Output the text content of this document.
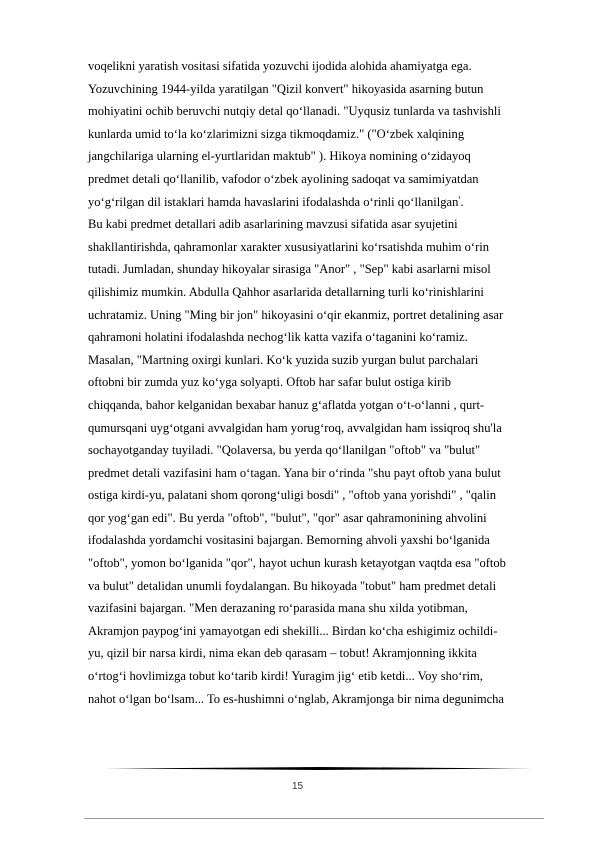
voqelikni yaratish vositasi sifatida yozuvchi ijodida alohida ahamiyatga ega.
Yozuvchining 1944-yilda yaratilgan "Qizil konvert" hikoyasida asarning butun
mohiyatini ochib beruvchi nutqiy detal qo‘llanadi. "Uyqusiz tunlarda va tashvishli
kunlarda umid to‘la ko‘zlarimizni sizga tikmoqdamiz." ("O‘zbek xalqining
jangchilariga ularning el-yurtlaridan maktub" ). Hikoya nomining o‘zidayoq
predmet detali qo‘llanilib, vafodor o‘zbek ayolining sadoqat va samimiyatdan
yo‘g‘rilgan dil istaklari hamda havaslarini ifodalashda o‘rinli qo‘llanilgan$^{^1}$.
Bu kabi predmet detallari adib asarlarining mavzusi sifatida asar syujetini
shakllantirishda, qahramonlar xarakter xususiyatlarini ko‘rsatishda muhim o‘rin
tutadi. Jumladan, shunday hikoyalar sirasiga "Anor" , "Sep" kabi asarlarni misol
qilishimiz mumkin. Abdulla Qahhor asarlarida detallarning turli ko‘rinishlarini
uchratamiz. Uning "Ming bir jon" hikoyasini o‘qir ekanmiz, portret detalining asar
qahramoni holatini ifodalashda nechog‘lik katta vazifa o‘taganini ko‘ramiz.
Masalan, "Martning oxirgi kunlari. Ko‘k yuzida suzib yurgan bulut parchalari
oftobni bir zumda yuz ko‘yga solyapti. Oftob har safar bulut ostiga kirib
chiqqanda, bahor kelganidan bexabar hanuz g‘aflatda yotgan o‘t-o‘lanni , qurt-
qumursqani uyg‘otgani avvalgidan ham yorug‘roq, avvalgidan ham issiqroq shu'la
sochayotganday tuyiladi. "Qolaversa, bu yerda qo‘llanilgan "oftob" va "bulut"
predmet detali vazifasini ham o‘tagan. Yana bir o‘rinda "shu payt oftob yana bulut
ostiga kirdi-yu, palatani shom qorong‘uligi bosdi" , "oftob yana yorishdi" , "qalin
qor yog‘gan edi". Bu yerda "oftob", "bulut", "qor" asar qahramonining ahvolini
ifodalashda yordamchi vositasini bajargan. Bemorning ahvoli yaxshi bo‘lganida
"oftob", yomon bo‘lganida "qor", hayot uchun kurash ketayotgan vaqtda esa "oftob
va bulut" detalidan unumli foydalangan. Bu hikoyada "tobut" ham predmet detali
vazifasini bajargan. "Men derazaning ro‘parasida mana shu xilda yotibman,
Akramjon paypog‘ini yamayotgan edi shekilli... Birdan ko‘cha eshigimiz ochildi-
yu, qizil bir narsa kirdi, nima ekan deb qarasam – tobut! Akramjonning ikkita
o‘rtog‘i hovlimizga tobut ko‘tarib kirdi! Yuragim jig‘ etib ketdi... Voy sho‘rim,
nahot o‘lgan bo‘lsam... To es-hushimni o‘nglab, Akramjonga bir nima degunimcha
15
